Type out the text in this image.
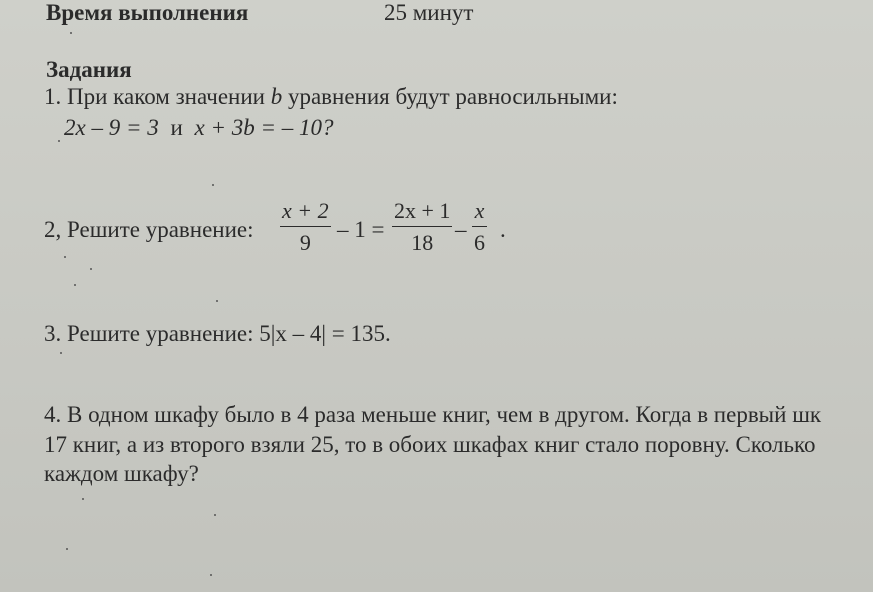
Время выполнения	25 минут
Задания
1. При каком значении b уравнения будут равносильными:
2x – 9 = 3 и x + 3b = – 10?
2, Решите уравнение:
x + 2
9
– 1 =
2x + 1
18
–
x
6
.
3. Решите уравнение: 5|x – 4| = 135.
4. В одном шкафу было в 4 раза меньше книг, чем в другом. Когда в первый шк
17 книг, а из второго взяли 25, то в обоих шкафах книг стало поровну. Сколько
каждом шкафу?
